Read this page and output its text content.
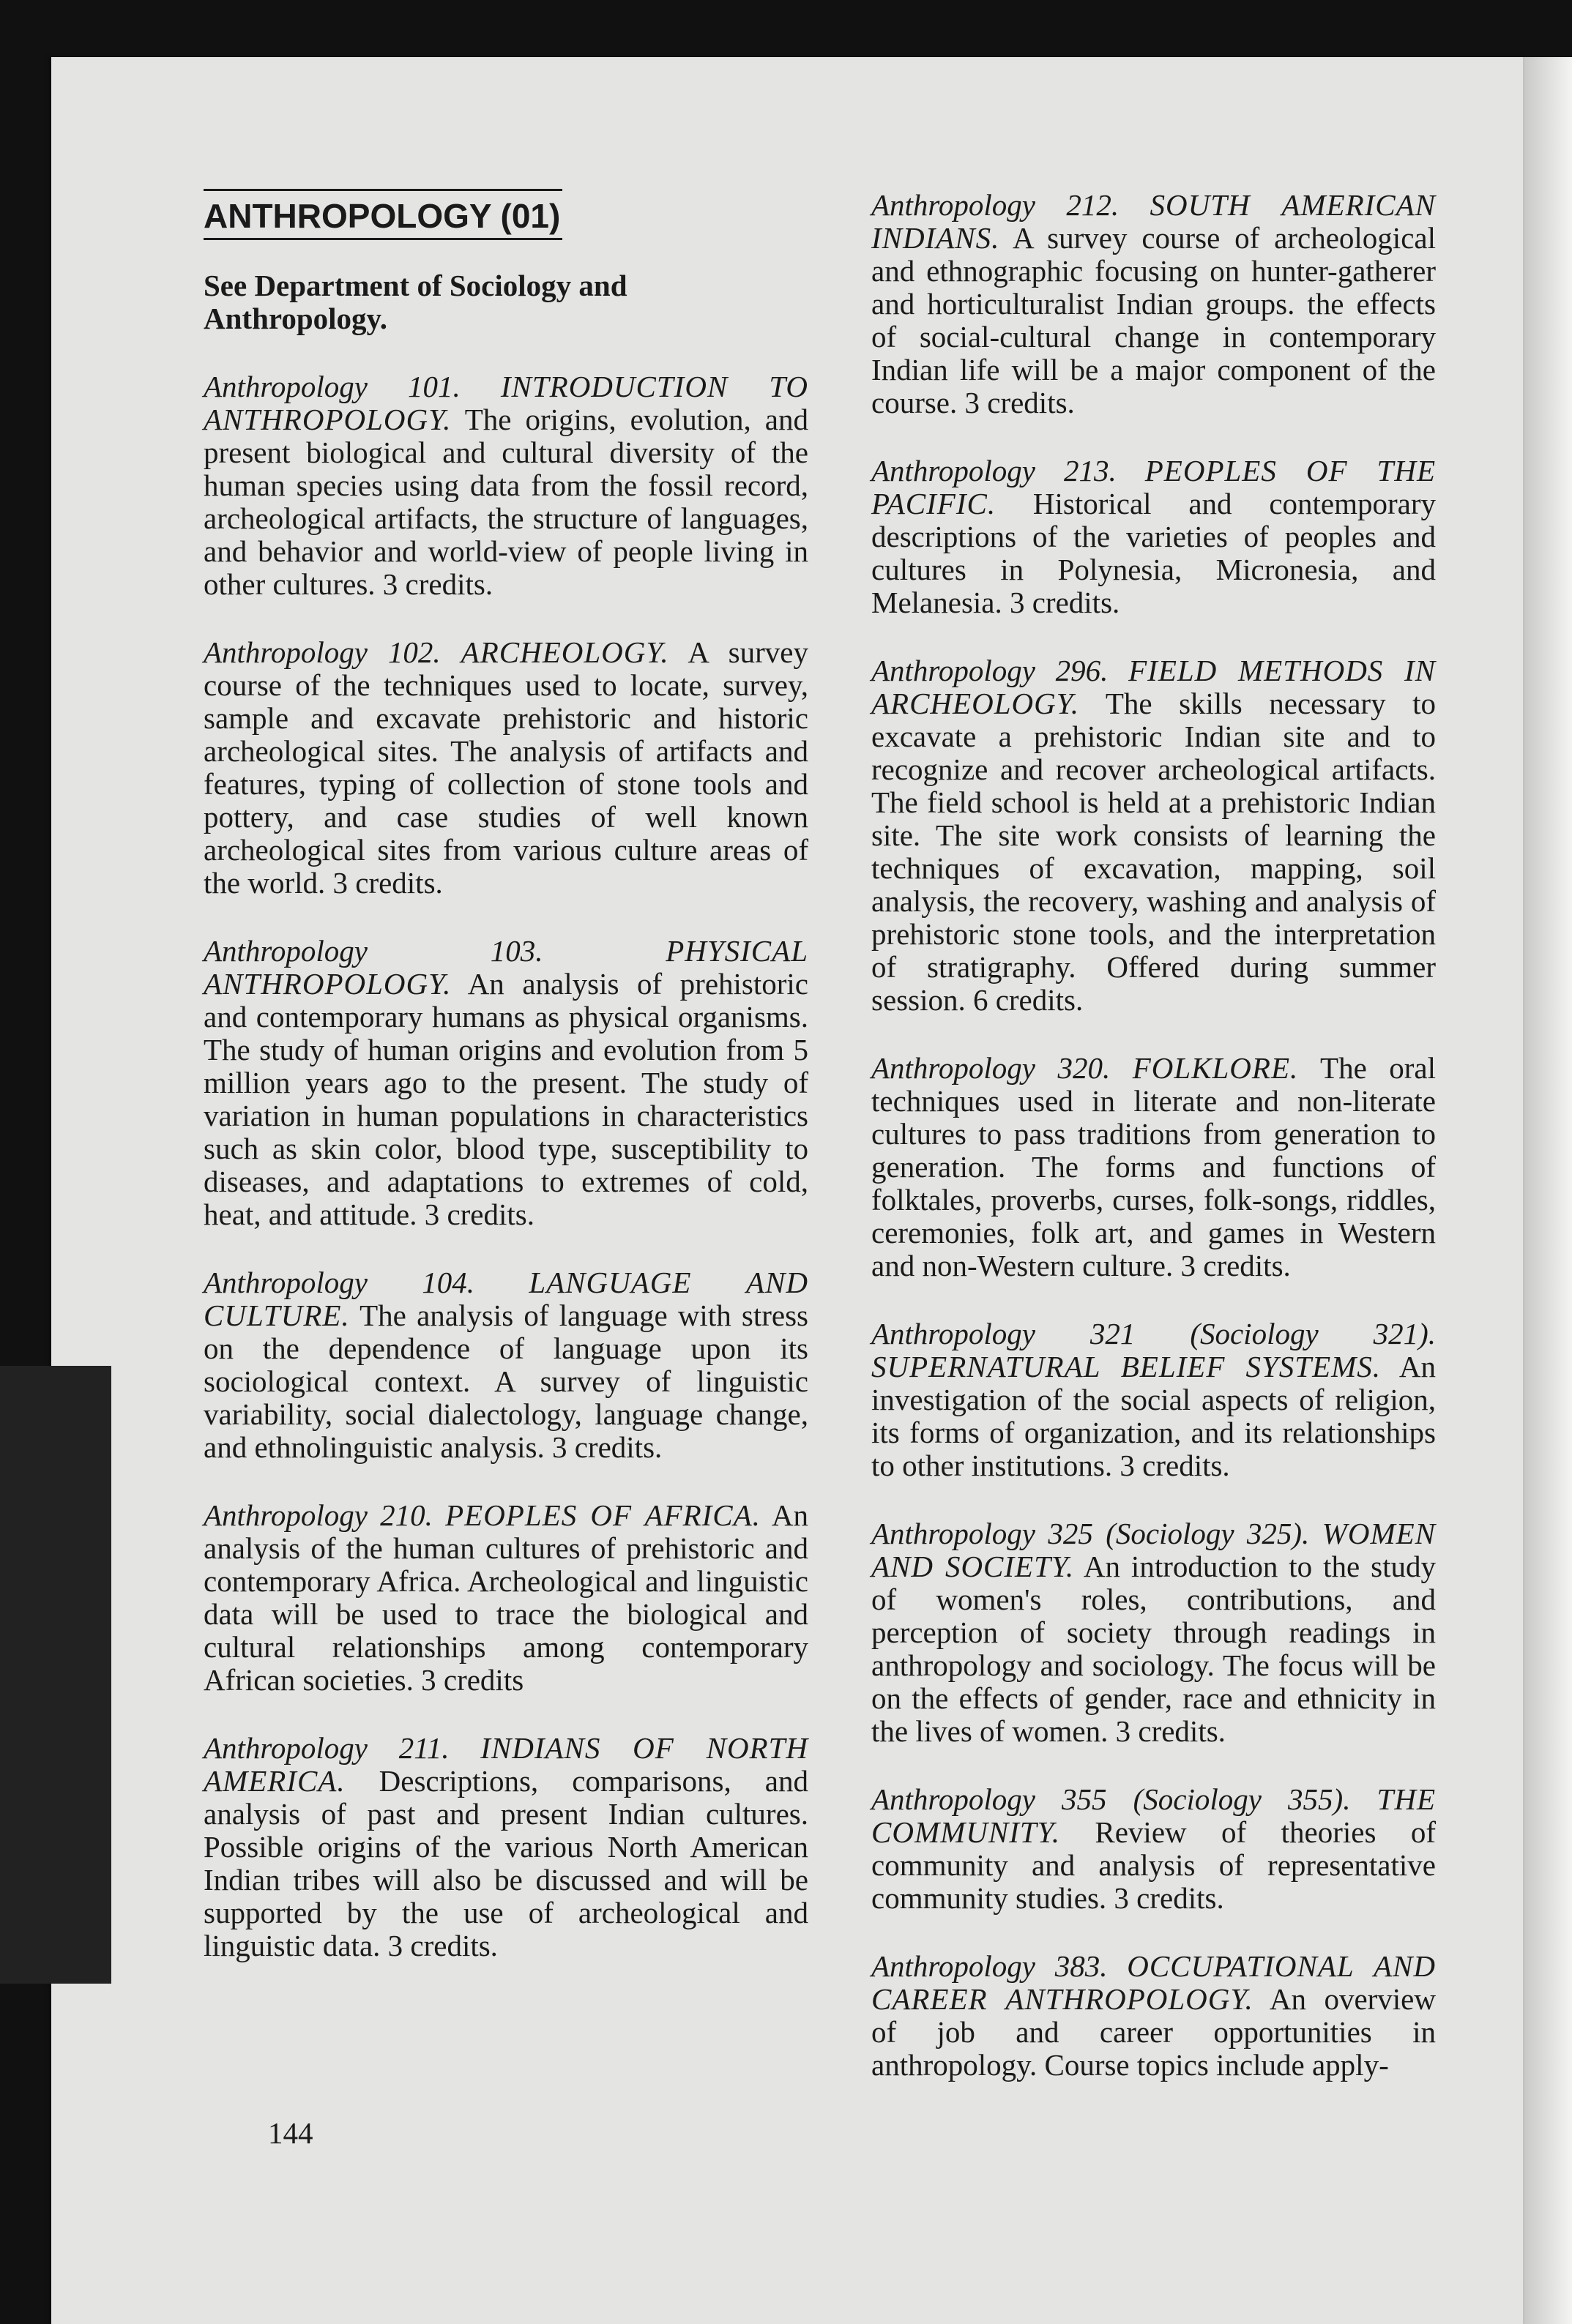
ANTHROPOLOGY (01)

See Department of Sociology and Anthropology.

Anthropology 101. INTRODUCTION TO ANTHROPOLOGY. The origins, evolution, and present biological and cultural diversity of the human species using data from the fossil record, archeological artifacts, the structure of languages, and behavior and world-view of people living in other cultures. 3 credits.

Anthropology 102. ARCHEOLOGY. A survey course of the techniques used to locate, survey, sample and excavate prehistoric and historic archeological sites. The analysis of artifacts and features, typing of collection of stone tools and pottery, and case studies of well known archeological sites from various culture areas of the world. 3 credits.

Anthropology 103.	PHYSICAL ANTHROPOLOGY. An analysis of prehistoric and contemporary humans as physical organisms. The study of human origins and evolution from 5 million years ago to the present. The study of variation in human populations in characteristics such as skin color, blood type, susceptibility to diseases, and adaptations to extremes of cold, heat, and attitude. 3 credits.

Anthropology 104. LANGUAGE AND CULTURE. The analysis of language with stress on the dependence of language upon its sociological context. A survey of linguistic variability, social dialectology, language change, and ethnolinguistic analysis. 3 credits.

Anthropology 210. PEOPLES OF AFRICA. An analysis of the human cultures of prehistoric and contemporary Africa. Archeological and linguistic data will be used to trace the biological and cultural relationships among contemporary African societies. 3 credits

Anthropology 211. INDIANS OF NORTH AMERICA. Descriptions, comparisons, and analysis of past and present Indian cultures. Possible origins of the various North American Indian tribes will also be discussed and will be supported by the use of archeological and linguistic data. 3 credits.

Anthropology 212. SOUTH AMERICAN INDIANS. A survey course of archeological and ethnographic focusing on hunter-gatherer and horticulturalist Indian groups. the effects of social-cultural change in contemporary Indian life will be a major component of the course. 3 credits.

Anthropology 213. PEOPLES OF THE PACIFIC. Historical and contemporary descriptions of the varieties of peoples and cultures in Polynesia, Micronesia, and Melanesia. 3 credits.

Anthropology 296. FIELD METHODS IN ARCHEOLOGY. The skills necessary to excavate a prehistoric Indian site and to recognize and recover archeological artifacts. The field school is held at a prehistoric Indian site. The site work consists of learning the techniques of excavation, mapping, soil analysis, the recovery, washing and analysis of prehistoric stone tools, and the interpretation of stratigraphy. Offered during summer session. 6 credits.

Anthropology 320. FOLKLORE. The oral techniques used in literate and non-literate cultures to pass traditions from generation to generation. The forms and functions of folktales, proverbs, curses, folk-songs, riddles, ceremonies, folk art, and games in Western and non-Western culture. 3 credits.

Anthropology 321 (Sociology 321). SUPERNATURAL BELIEF SYSTEMS. An investigation of the social aspects of religion, its forms of organization, and its relationships to other institutions. 3 credits.

Anthropology 325 (Sociology 325). WOMEN AND SOCIETY. An introduction to the study of women's roles, contributions, and perception of society through readings in anthropology and sociology. The focus will be on the effects of gender, race and ethnicity in the lives of women. 3 credits.

Anthropology 355 (Sociology 355). THE COMMUNITY. Review of theories of community and analysis of representative community studies. 3 credits.

Anthropology 383. OCCUPATIONAL AND CAREER ANTHROPOLOGY. An overview of job and career opportunities in anthropology. Course topics include apply-

144
